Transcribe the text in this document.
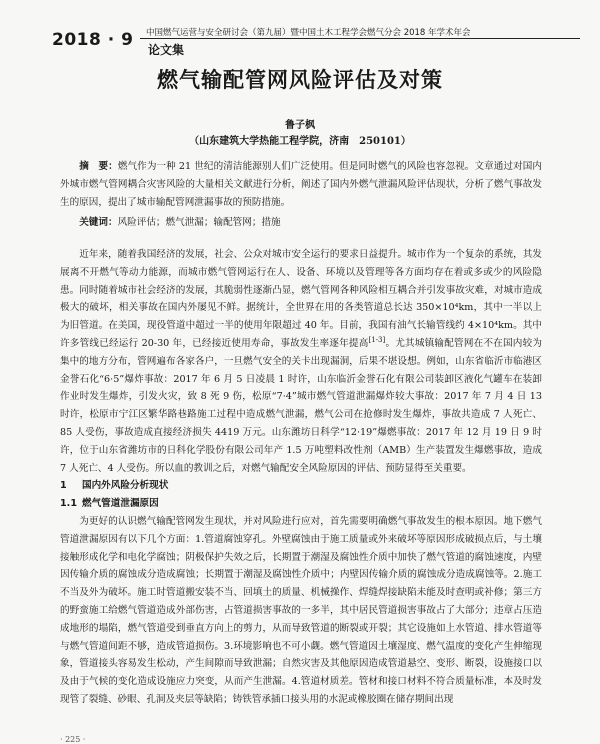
2018 · 9 中国燃气运营与安全研讨会（第九届）暨中国土木工程学会燃气分会 2018 年学术年会
论文集
燃气输配管网风险评估及对策
鲁子枫
（山东建筑大学热能工程学院，济南　250101）

摘　要：燃气作为一种 21 世纪的清洁能源别人们广泛使用。但是同时燃气的风险也容忽视。文章通过对国内外城市燃气管网耦合灾害风险的大量相关文献进行分析，阐述了国内外燃气泄漏风险评估现状，分析了燃气事故发生的原因，提出了城市输配管网泄漏事故的预防措施。

关键词：风险评估；燃气泄漏；输配管网；措施

近年来，随着我国经济的发展，社会、公众对城市安全运行的要求日益提升。城市作为一个复杂的系统，其发展离不开燃气等动力能源，而城市燃气管网运行在人、设备、环境以及管理等各方面均存在着或多或少的风险隐患。同时随着城市社会经济的发展，其脆弱性逐渐凸显，燃气管网各种风险相互耦合并引发事故灾难，对城市造成极大的破坏，相关事故在国内外屡见不鲜。据统计，全世界在用的各类管道总长达 350×10⁴km，其中一半以上为旧管道。在美国，现役管道中超过一半的使用年限超过 40 年。目前，我国有油气长输管线约 4×10⁴km。其中许多管线已经运行 20-30 年，已经接近使用寿命，事故发生率逐年提高[1-3]。尤其城镇输配管网在不在国内较为集中的地方分布，管网遍布各家各户，一旦燃气安全的关卡出现漏洞，后果不堪设想。例如，山东省临沂市临港区金誉石化“6·5”爆炸事故：2017 年 6 月 5 日凌晨 1 时许，山东临沂金誉石化有限公司装卸区液化气罐车在装卸作业时发生爆炸，引发火灾，致 8 死 9 伤，松原“7·4”城市燃气管道泄漏爆炸较大事故：2017 年 7 月 4 日 13 时许，松原市宁江区繁华路巷路施工过程中造成燃气泄漏，燃气公司在抢修时发生爆炸，事故共造成 7 人死亡、85 人受伤，事故造成直接经济损失 4419 万元。山东潍坊日科学“12·19”爆燃事故：2017 年 12 月 19 日 9 时许，位于山东省潍坊市的日科化学股份有限公司年产 1.5 万吨塑料改性剂（AMB）生产装置发生爆燃事故，造成 7 人死亡、4 人受伤。所以血的教训之后，对燃气输配安全风险原因的评估、预防显得至关重要。

1 国内外风险分析现状

1.1 燃气管道泄漏原因

为更好的认识燃气输配管网发生现状，并对风险进行应对，首先需要明确燃气事故发生的根本原因。地下燃气管道泄漏原因有以下几个方面：1.管道腐蚀穿孔。外壁腐蚀由于施工质量或外来破坏等原因形成破损点后，与土壤接触形成化学和电化学腐蚀；阴极保护失效之后，长期置于潮湿及腐蚀性介质中加快了燃气管道的腐蚀速度，内壁因传输介质的腐蚀成分造成腐蚀；长期置于潮湿及腐蚀性介质中；内壁因传输介质的腐蚀成分造成腐蚀等。2.施工不当及外为破坏。施工时管道搬安装不当、回填土的质量、机械操作、焊缝焊接缺陷未能及时查明或补修；第三方的野蛮施工给燃气管道造成外部伤害，占管道损害事故的一多半，其中居民管道损害事故占了大部分；违章占压造成地形的塌陷，燃气管道受到垂直方向上的剪力，从而导致管道的断裂或开裂；其它设施如上水管道、排水管道等与燃气管道间距不够，造成管道损伤。3.环境影响也不可小觑。燃气管道因土壤湿度、燃气温度的变化产生伸缩现象，管道接头容易发生松动，产生间隙而导致泄漏；自然灾害及其他原因造成管道悬空、变形、断裂，设施接口以及由于气候的变化造成设施应力突变，从而产生泄漏。4.管道材质差。管材和接口材料不符合质量标准，本及时发现管了裂缝、砂眼、孔洞及夹层等缺陷；铸铁管承插口接头用的水泥或橡胶圈在储存期间出现

· 225 ·
